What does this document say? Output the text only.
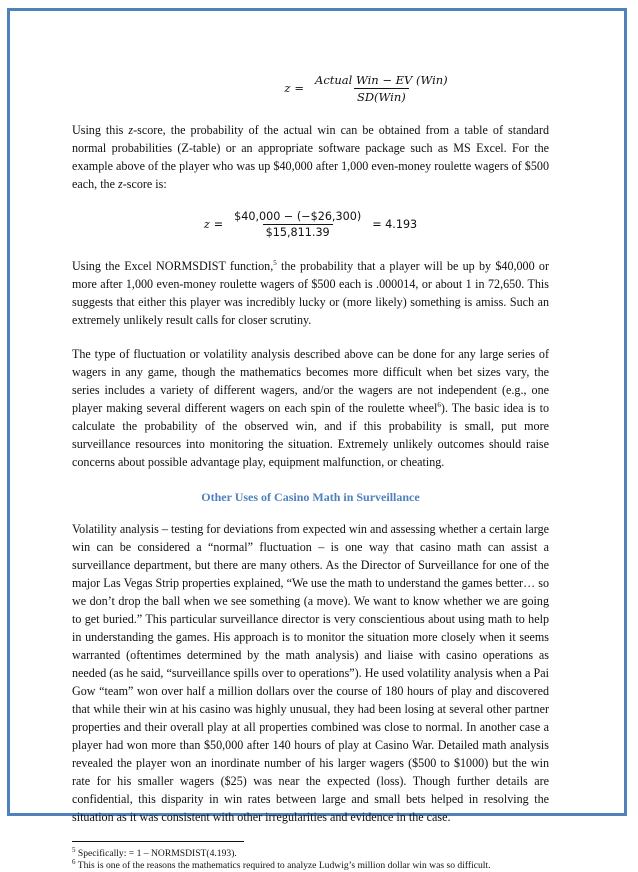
$z = \frac{\text{Actual Win − EV (Win)}}{\text{SD(Win)}}$

Using this z-score, the probability of the actual win can be obtained from a table of standard normal probabilities (Z-table) or an appropriate software package such as MS Excel. For the example above of the player who was up $40,000 after 1,000 even-money roulette wagers of $500 each, the z-score is:

$z = \frac{\$40,000 - (-\$26,300)}{\$15,811.39} = 4.193$

Using the Excel NORMSDIST function,$^5$ the probability that a player will be up by $40,000 or more after 1,000 even-money roulette wagers of $500 each is .000014, or about 1 in 72,650. This suggests that either this player was incredibly lucky or (more likely) something is amiss. Such an extremely unlikely result calls for closer scrutiny.

The type of fluctuation or volatility analysis described above can be done for any large series of wagers in any game, though the mathematics becomes more difficult when bet sizes vary, the series includes a variety of different wagers, and/or the wagers are not independent (e.g., one player making several different wagers on each spin of the roulette wheel$^6$). The basic idea is to calculate the probability of the observed win, and if this probability is small, put more surveillance resources into monitoring the situation. Extremely unlikely outcomes should raise concerns about possible advantage play, equipment malfunction, or cheating.

Other Uses of Casino Math in Surveillance

Volatility analysis – testing for deviations from expected win and assessing whether a certain large win can be considered a “normal” fluctuation – is one way that casino math can assist a surveillance department, but there are many others. As the Director of Surveillance for one of the major Las Vegas Strip properties explained, “We use the math to understand the games better… so we don’t drop the ball when we see something (a move). We want to know whether we are going to get buried.” This particular surveillance director is very conscientious about using math to help in understanding the games. His approach is to monitor the situation more closely when it seems warranted (oftentimes determined by the math analysis) and liaise with casino operations as needed (as he said, “surveillance spills over to operations”). He used volatility analysis when a Pai Gow “team” won over half a million dollars over the course of 180 hours of play and discovered that while their win at his casino was highly unusual, they had been losing at several other partner properties and their overall play at all properties combined was close to normal. In another case a player had won more than $50,000 after 140 hours of play at Casino War. Detailed math analysis revealed the player won an inordinate number of his larger wagers ($500 to $1000) but the win rate for his smaller wagers ($25) was near the expected (loss). Though further details are confidential, this disparity in win rates between large and small bets helped in resolving the situation as it was consistent with other irregularities and evidence in the case.

$^5$ Specifically: = 1 – NORMSDIST(4.193).

$^6$ This is one of the reasons the mathematics required to analyze Ludwig’s million dollar win was so difficult.
